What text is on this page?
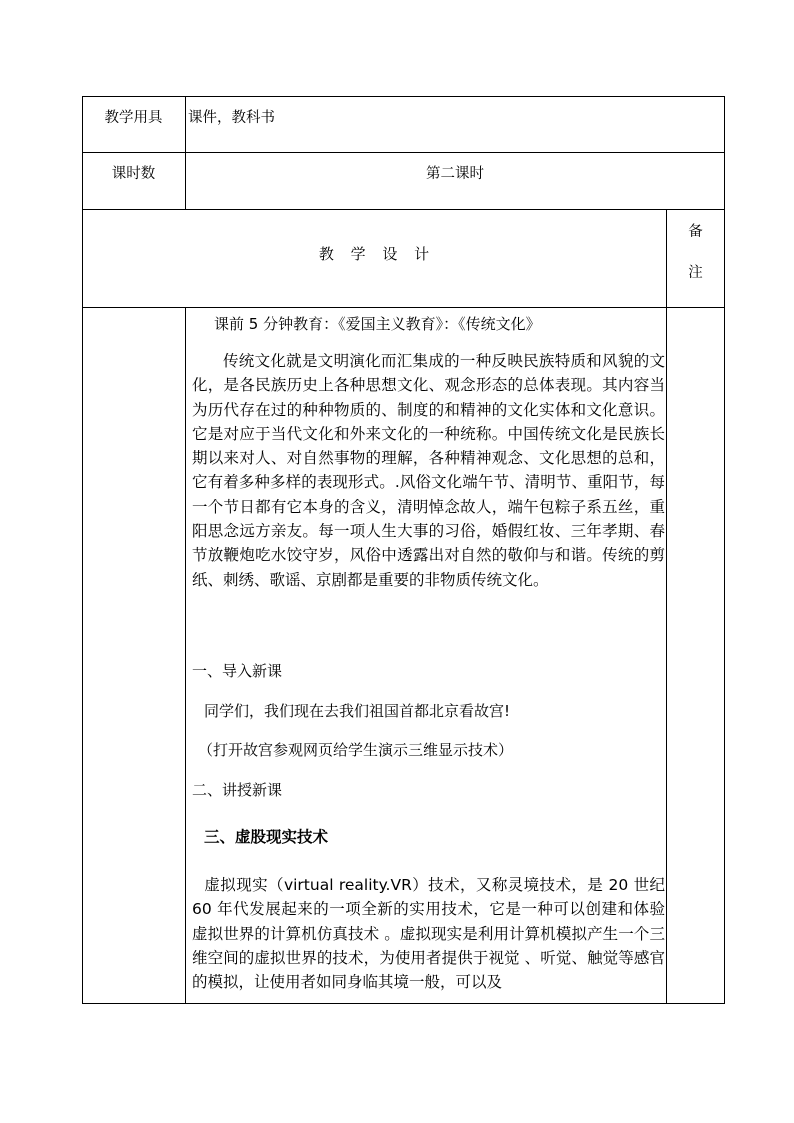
教学用具	课件，教科书
课时数	第二课时
教 学 设 计
备
注
课前 5 分钟教育：《爱国主义教育》：《传统文化》
传统文化就是文明演化而汇集成的一种反映民族特质和风貌的文化，是各民族历史上各种思想文化、观念形态的总体表现。其内容当为历代存在过的种种物质的、制度的和精神的文化实体和文化意识。它是对应于当代文化和外来文化的一种统称。中国传统文化是民族长期以来对人、对自然事物的理解，各种精神观念、文化思想的总和，它有着多种多样的表现形式。.风俗文化端午节、清明节、重阳节，每一个节日都有它本身的含义，清明悼念故人，端午包粽子系五丝，重阳思念远方亲友。每一项人生大事的习俗，婚假红妆、三年孝期、春节放鞭炮吃水饺守岁，风俗中透露出对自然的敬仰与和谐。传统的剪纸、刺绣、歌谣、京剧都是重要的非物质传统文化。
一、导入新课
同学们，我们现在去我们祖国首都北京看故宫!
（打开故宫参观网页给学生演示三维显示技术）
二、讲授新课
三、虚股现实技术
虚拟现实（virtual reality.VR）技术，又称灵境技术，是 20 世纪 60 年代发展起来的一项全新的实用技术，它是一种可以创建和体验虚拟世界的计算机仿真技术 。虚拟现实是利用计算机模拟产生一个三维空间的虚拟世界的技术，为使用者提供于视觉 、听觉、触觉等感官的模拟，让使用者如同身临其境一般，可以及
